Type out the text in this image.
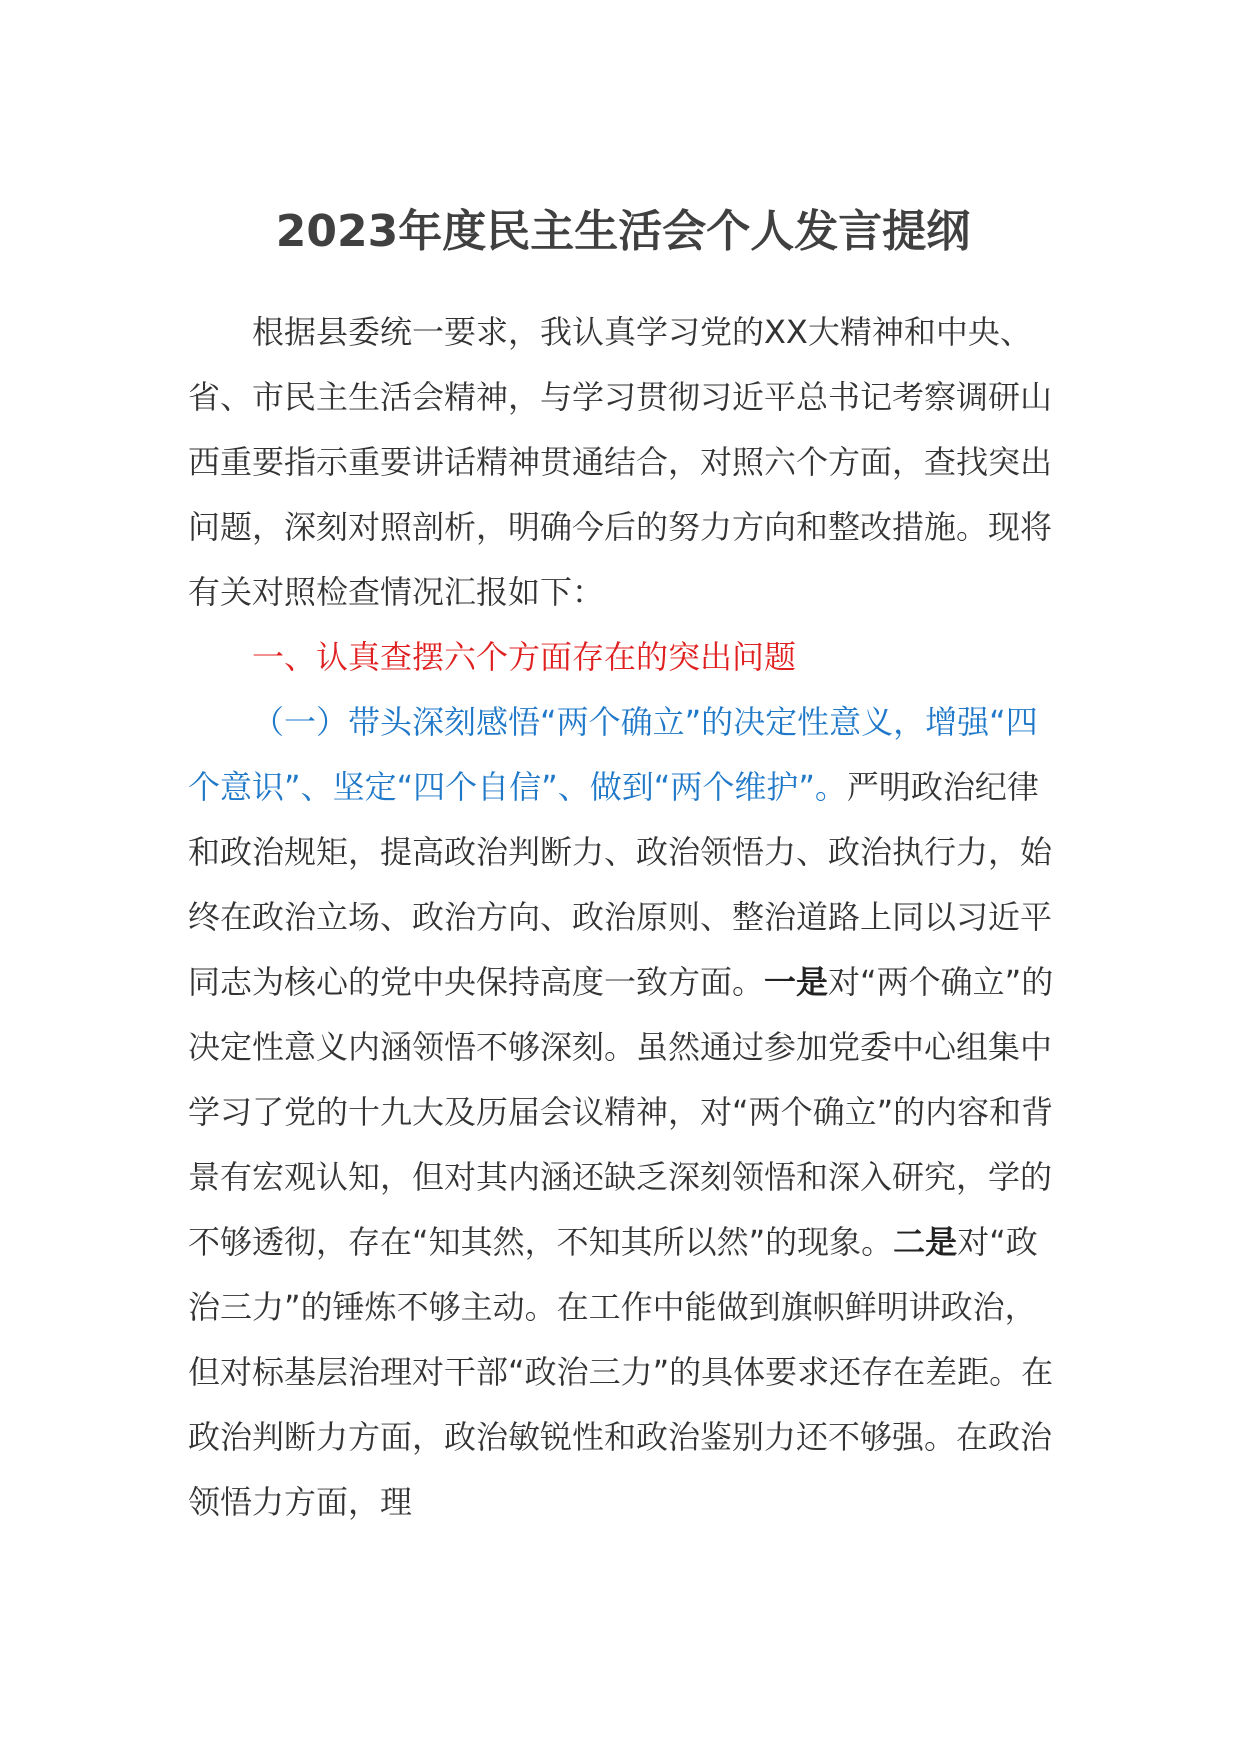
2023年度民主生活会个人发言提纲

根据县委统一要求，我认真学习党的XX大精神和中央、省、市民主生活会精神，与学习贯彻习近平总书记考察调研山西重要指示重要讲话精神贯通结合，对照六个方面，查找突出问题，深刻对照剖析，明确今后的努力方向和整改措施。现将有关对照检查情况汇报如下：

一、认真查摆六个方面存在的突出问题

（一）带头深刻感悟“两个确立”的决定性意义，增强“四个意识”、坚定“四个自信”、做到“两个维护”。严明政治纪律和政治规矩，提高政治判断力、政治领悟力、政治执行力，始终在政治立场、政治方向、政治原则、整治道路上同以习近平同志为核心的党中央保持高度一致方面。一是对“两个确立”的决定性意义内涵领悟不够深刻。虽然通过参加党委中心组集中学习了党的十九大及历届会议精神，对“两个确立”的内容和背景有宏观认知，但对其内涵还缺乏深刻领悟和深入研究，学的不够透彻，存在“知其然，不知其所以然”的现象。二是对“政治三力”的锤炼不够主动。在工作中能做到旗帜鲜明讲政治，但对标基层治理对干部“政治三力”的具体要求还存在差距。在政治判断力方面，政治敏锐性和政治鉴别力还不够强。在政治领悟力方面，理
